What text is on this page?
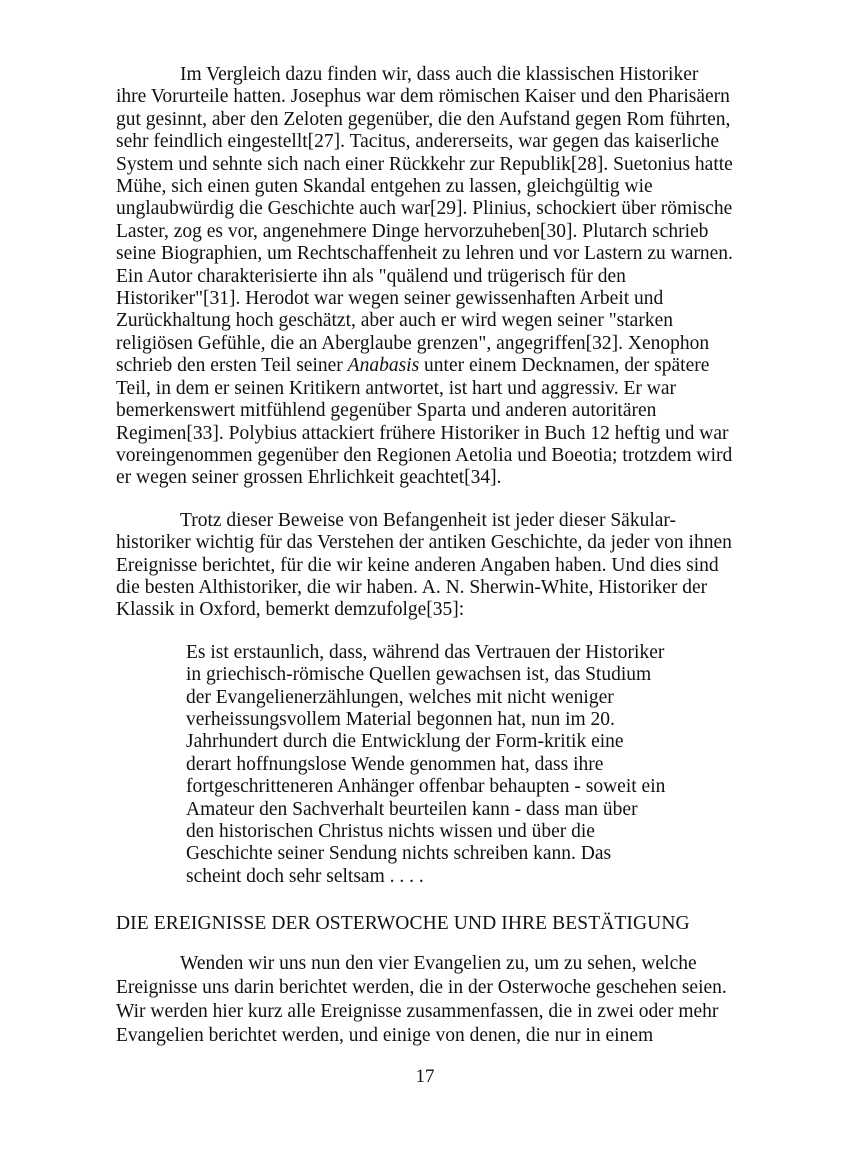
Im Vergleich dazu finden wir, dass auch die klassischen Historiker
ihre Vorurteile hatten. Josephus war dem römischen Kaiser und den Pharisäern
gut gesinnt, aber den Zeloten gegenüber, die den Aufstand gegen Rom führten,
sehr feindlich eingestellt[27]. Tacitus, andererseits, war gegen das kaiserliche
System und sehnte sich nach einer Rückkehr zur Republik[28]. Suetonius hatte
Mühe, sich einen guten Skandal entgehen zu lassen, gleichgültig wie
unglaubwürdig die Geschichte auch war[29]. Plinius, schockiert über römische
Laster, zog es vor, angenehmere Dinge hervorzuheben[30]. Plutarch schrieb
seine Biographien, um Rechtschaffenheit zu lehren und vor Lastern zu warnen.
Ein Autor charakterisierte ihn als "quälend und trügerisch für den
Historiker"[31]. Herodot war wegen seiner gewissenhaften Arbeit und
Zurückhaltung hoch geschätzt, aber auch er wird wegen seiner "starken
religiösen Gefühle, die an Aberglaube grenzen", angegriffen[32]. Xenophon
schrieb den ersten Teil seiner Anabasis unter einem Decknamen, der spätere
Teil, in dem er seinen Kritikern antwortet, ist hart und aggressiv. Er war
bemerkenswert mitfühlend gegenüber Sparta und anderen autoritären
Regimen[33]. Polybius attackiert frühere Historiker in Buch 12 heftig und war
voreingenommen gegenüber den Regionen Aetolia und Boeotia; trotzdem wird
er wegen seiner grossen Ehrlichkeit geachtet[34].

Trotz dieser Beweise von Befangenheit ist jeder dieser Säkular-
historiker wichtig für das Verstehen der antiken Geschichte, da jeder von ihnen
Ereignisse berichtet, für die wir keine anderen Angaben haben. Und dies sind
die besten Althistoriker, die wir haben. A. N. Sherwin-White, Historiker der
Klassik in Oxford, bemerkt demzufolge[35]:

Es ist erstaunlich, dass, während das Vertrauen der Historiker
in griechisch-römische Quellen gewachsen ist, das Studium
der Evangelienerzählungen, welches mit nicht weniger
verheissungsvollem Material begonnen hat, nun im 20.
Jahrhundert durch die Entwicklung der Form-kritik eine
derart hoffnungslose Wende genommen hat, dass ihre
fortgeschritteneren Anhänger offenbar behaupten - soweit ein
Amateur den Sachverhalt beurteilen kann - dass man über
den historischen Christus nichts wissen und über die
Geschichte seiner Sendung nichts schreiben kann. Das
scheint doch sehr seltsam . . . .
DIE EREIGNISSE DER OSTERWOCHE UND IHRE BESTÄTIGUNG

Wenden wir uns nun den vier Evangelien zu, um zu sehen, welche
Ereignisse uns darin berichtet werden, die in der Osterwoche geschehen seien.
Wir werden hier kurz alle Ereignisse zusammenfassen, die in zwei oder mehr
Evangelien berichtet werden, und einige von denen, die nur in einem

17
